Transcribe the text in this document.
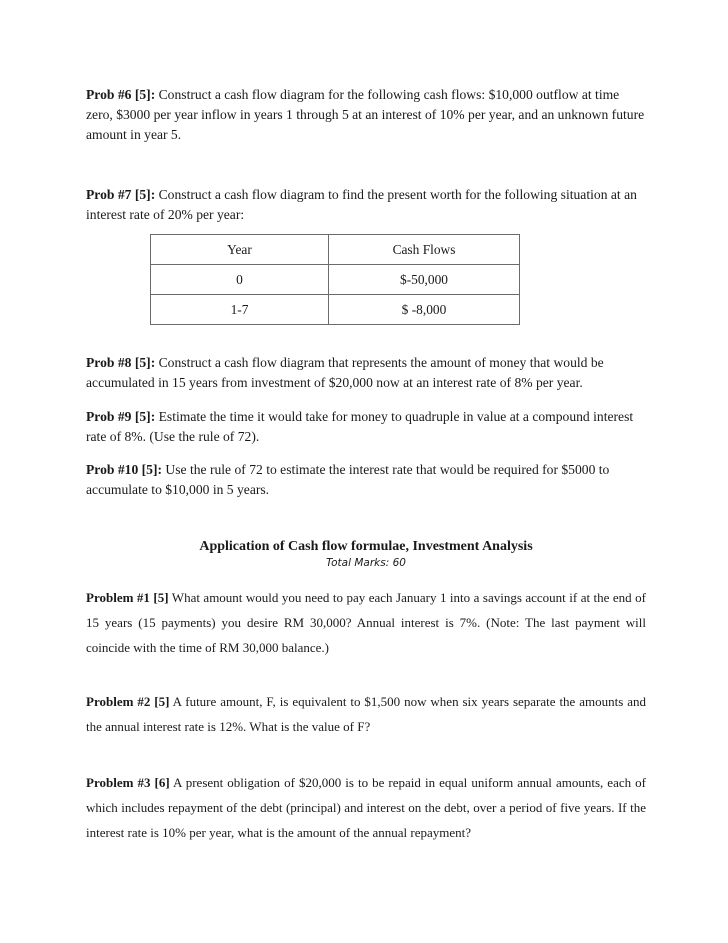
Prob #6 [5]: Construct a cash flow diagram for the following cash flows: $10,000 outflow at time zero, $3000 per year inflow in years 1 through 5 at an interest of 10% per year, and an unknown future amount in year 5.

Prob #7 [5]: Construct a cash flow diagram to find the present worth for the following situation at an interest rate of 20% per year:

Year	Cash Flows
0	$-50,000
1-7	$ -8,000

Prob #8 [5]: Construct a cash flow diagram that represents the amount of money that would be accumulated in 15 years from investment of $20,000 now at an interest rate of 8% per year.

Prob #9 [5]: Estimate the time it would take for money to quadruple in value at a compound interest rate of 8%. (Use the rule of 72).

Prob #10 [5]: Use the rule of 72 to estimate the interest rate that would be required for $5000 to accumulate to $10,000 in 5 years.

Application of Cash flow formulae, Investment Analysis
Total Marks: 60

Problem #1 [5] What amount would you need to pay each January 1 into a savings account if at the end of 15 years (15 payments) you desire RM 30,000? Annual interest is 7%. (Note: The last payment will coincide with the time of RM 30,000 balance.)

Problem #2 [5] A future amount, F, is equivalent to $1,500 now when six years separate the amounts and the annual interest rate is 12%. What is the value of F?

Problem #3 [6] A present obligation of $20,000 is to be repaid in equal uniform annual amounts, each of which includes repayment of the debt (principal) and interest on the debt, over a period of five years. If the interest rate is 10% per year, what is the amount of the annual repayment?
